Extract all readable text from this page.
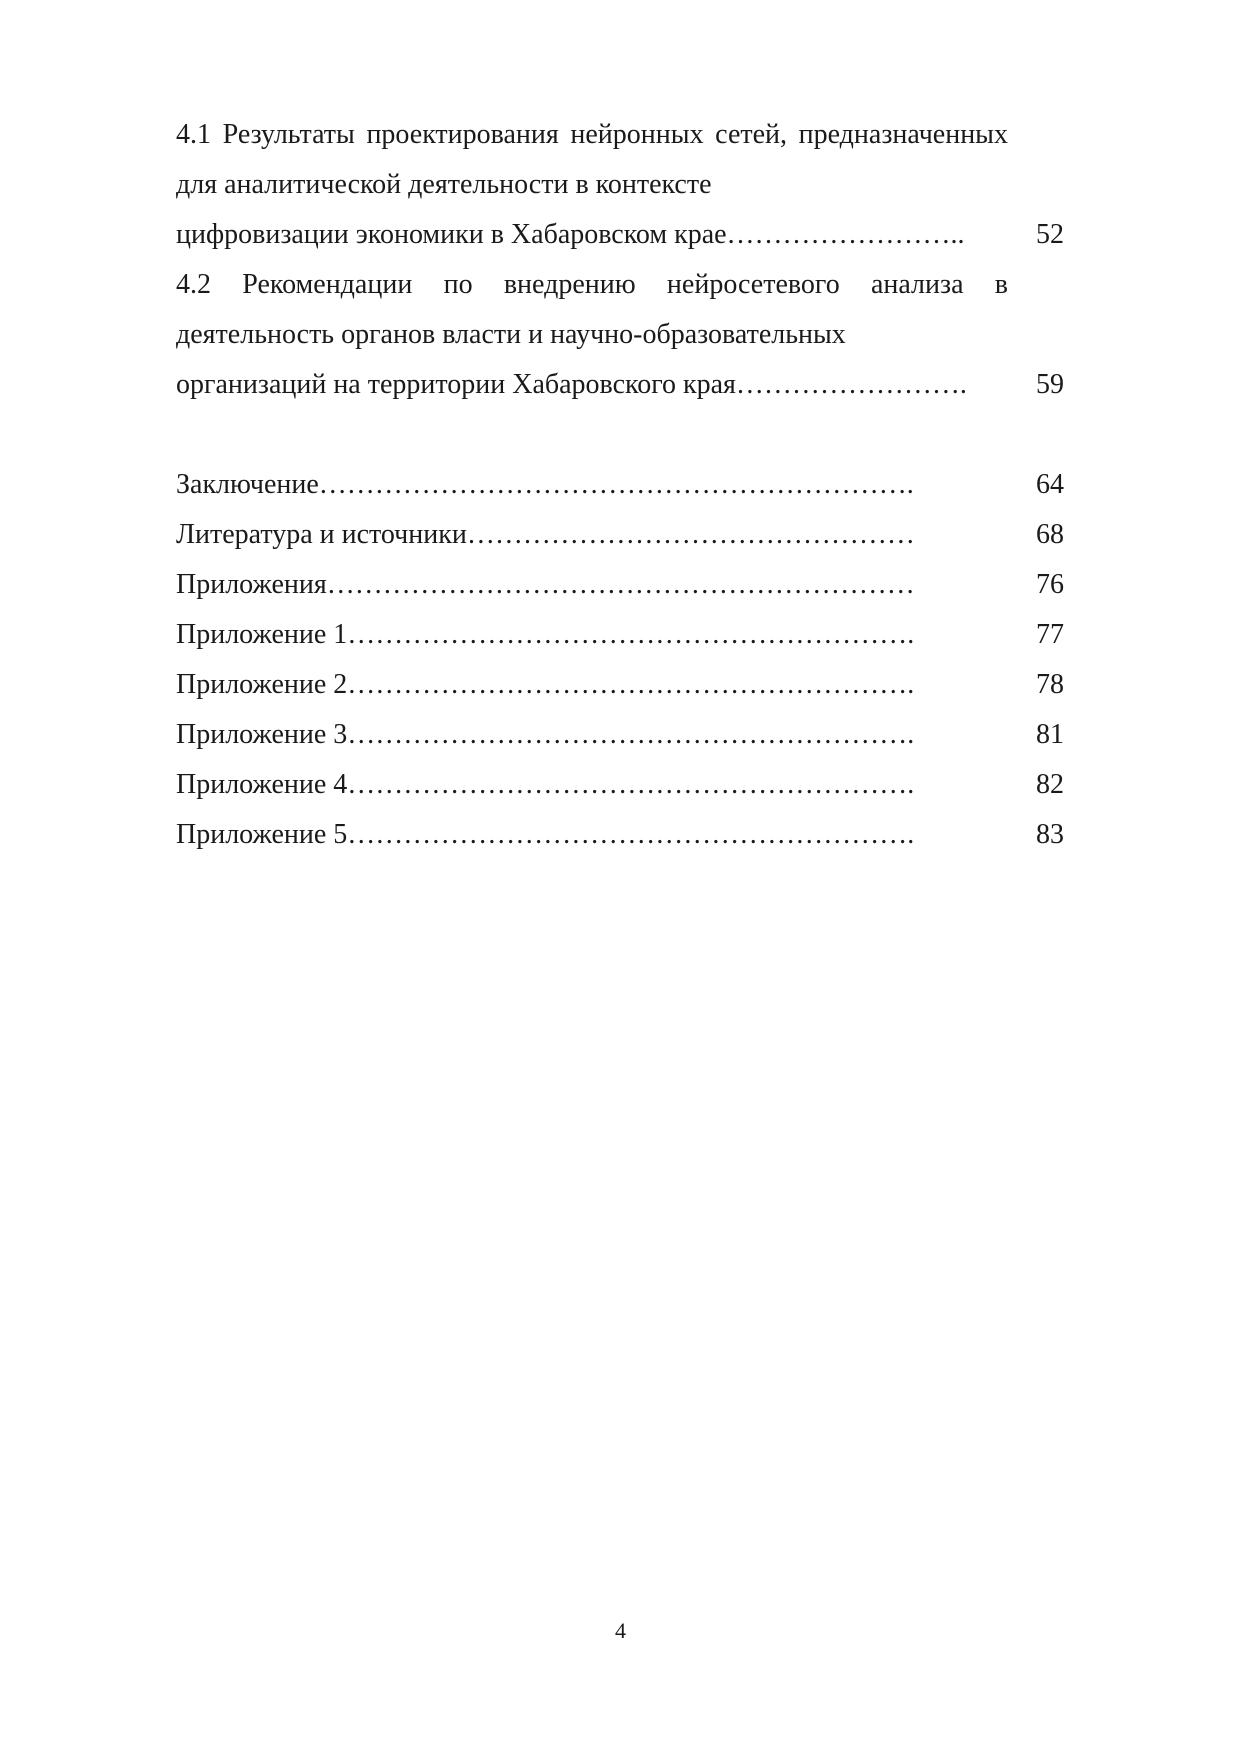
4.1 Результаты проектирования нейронных сетей, предназначенных для аналитической деятельности в контексте
цифровизации экономики в Хабаровском крае……………………..	52
4.2 Рекомендации по внедрению нейросетевого анализа в деятельность органов власти и научно-образовательных
организаций на территории Хабаровского края…………………….	59
Заключение……………………………………………………….	64
Литература и источники…………………………………………	68
Приложения………………………………………………………	76
Приложение 1…………………………………………………….	77
Приложение 2…………………………………………………….	78
Приложение 3…………………………………………………….	81
Приложение 4…………………………………………………….	82
Приложение 5…………………………………………………….	83
4
